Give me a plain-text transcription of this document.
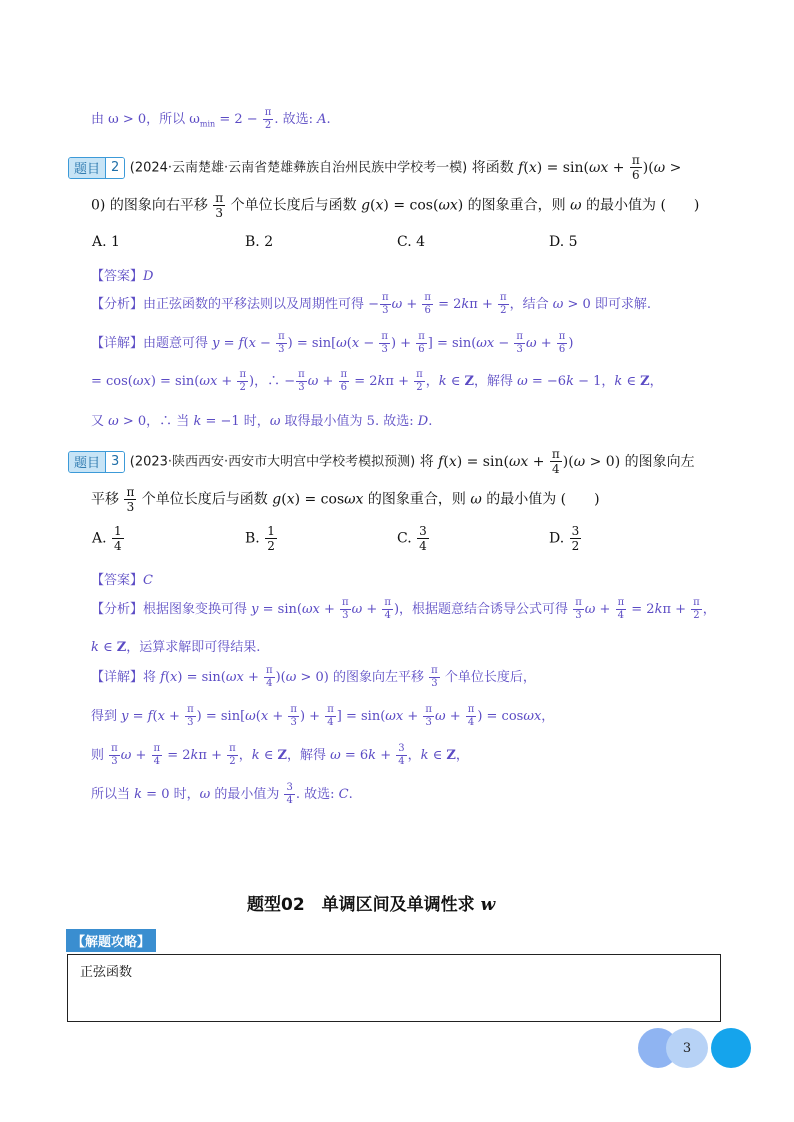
由 ω > 0，所以 $\omega_{min} = 2 - \frac{\pi}{2}$ . 故选: A.
题目 2 (2024·云南楚雄·云南省楚雄彝族自治州民族中学校考一模) 将函数 $f(x) = \sin(\omega x + \frac{\pi}{6} )(\omega$ >
0) 的图象向右平移 $\frac{\pi}{3}$ 个单位长度后与函数 g(x) = cos(ωx) 的图象重合，则 ω 的最小值为 (　　)
A. 1	B. 2	C. 4	D. 5
【答案】D
【分析】由正弦函数的平移法则以及周期性可得 − $\frac{\pi}{3}$ $\omega + \frac{\pi}{6} = 2k\pi + \frac{\pi}{2}$ ，结合 ω > 0 即可求解.
【详解】由题意可得 $y = f(x - \frac{\pi}{3}$ ) = $\sin[\omega(x - \frac{\pi}{3}$ ) + $\frac{\pi}{6}$ ] = $\sin(\omega x - \frac{\pi}{3}$ $\omega + \frac{\pi}{6}$ )
= $\cos(\omega x) = \sin(\omega x + \frac{\pi}{2}$ )，∴ − $\frac{\pi}{3}$ $\omega + \frac{\pi}{6} = 2k\pi + \frac{\pi}{2}$ ，k ∈ Z，解得 ω = −6k − 1，k ∈ Z，
又 ω > 0，∴ 当 k = −1 时，ω 取得最小值为 5. 故选: D.
题目 3 (2023·陕西西安·西安市大明宫中学校考模拟预测) 将 $f(x) = \sin(\omega x + \frac{\pi}{4} )(\omega > 0)$ 的图象向左
平移 $\frac{\pi}{3}$ 个单位长度后与函数 g(x) = cosωx 的图象重合，则 ω 的最小值为 (　　)
A. $\frac{1}{4}$	B. $\frac{1}{2}$	C. $\frac{3}{4}$	D. $\frac{3}{2}$
【答案】C
【分析】根据图象变换可得 $y = \sin(\omega x + \frac{\pi}{3}$ $\omega + \frac{\pi}{4}$ )，根据题意结合诱导公式可得 $\frac{\pi}{3}$ $\omega + \frac{\pi}{4} = 2k\pi + \frac{\pi}{2}$ ，
k ∈ Z，运算求解即可得结果.
【详解】将 $f(x) = \sin(\omega x + \frac{\pi}{4} )(\omega > 0)$ 的图象向左平移 $\frac{\pi}{3}$ 个单位长度后，
得到 $y = f(x + \frac{\pi}{3}$ ) = $\sin[\omega(x + \frac{\pi}{3}$ ) + $\frac{\pi}{4}$ ] = $\sin(\omega x + \frac{\pi}{3}$ $\omega + \frac{\pi}{4}$ ) = cosωx，
则 $\frac{\pi}{3}$ $\omega + \frac{\pi}{4} = 2k\pi + \frac{\pi}{2}$ ，k ∈ Z，解得 $\omega = 6k + \frac{3}{4}$ ，k ∈ Z，
所以当 k = 0 时，ω 的最小值为 $\frac{3}{4}$ . 故选: C.
题型02　单调区间及单调性求 w
【解题攻略】
正弦函数
3
